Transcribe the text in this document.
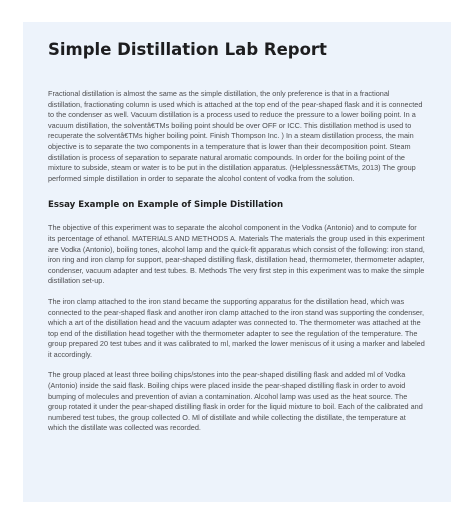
Simple Distillation Lab Report

Fractional distillation is almost the same as the simple distillation, the only preference is that in a fractional distillation, fractionating column is used which is attached at the top end of the pear-shaped flask and it is connected to the condenser as well. Vacuum distillation is a process used to reduce the pressure to a lower boiling point. In a vacuum distillation, the solventâ€TMs boiling point should be over OFF or ICC. This distillation method is used to recuperate the solventâ€TMs higher boiling point. Finish Thompson Inc. ) In a steam distillation process, the main objective is to separate the two components in a temperature that is lower than their decomposition point. Steam distillation is process of separation to separate natural aromatic compounds. In order for the boiling point of the mixture to subside, steam or water is to be put in the distillation apparatus. (Helplessnessâ€TMs, 2013) The group performed simple distillation in order to separate the alcohol content of vodka from the solution.

Essay Example on Example of Simple Distillation

The objective of this experiment was to separate the alcohol component in the Vodka (Antonio) and to compute for its percentage of ethanol. MATERIALS AND METHODS A. Materials The materials the group used in this experiment are Vodka (Antonio), boiling tones, alcohol lamp and the quick-fit apparatus which consist of the following: iron stand, iron ring and iron clamp for support, pear-shaped distilling flask, distillation head, thermometer, thermometer adapter, condenser, vacuum adapter and test tubes. B. Methods The very first step in this experiment was to make the simple distillation set-up.

The iron clamp attached to the iron stand became the supporting apparatus for the distillation head, which was connected to the pear-shaped flask and another iron clamp attached to the iron stand was supporting the condenser, which a art of the distillation head and the vacuum adapter was connected to. The thermometer was attached at the top end of the distillation head together with the thermometer adapter to see the regulation of the temperature. The group prepared 20 test tubes and it was calibrated to ml, marked the lower meniscus of it using a marker and labeled it accordingly.

The group placed at least three boiling chips/stones into the pear-shaped distilling flask and added ml of Vodka (Antonio) inside the said flask. Boiling chips were placed inside the pear-shaped distilling flask in order to avoid bumping of molecules and prevention of avian a contamination. Alcohol lamp was used as the heat source. The group rotated it under the pear-shaped distilling flask in order for the liquid mixture to boil. Each of the calibrated and numbered test tubes, the group collected O. Ml of distillate and while collecting the distillate, the temperature at which the distillate was collected was recorded.
